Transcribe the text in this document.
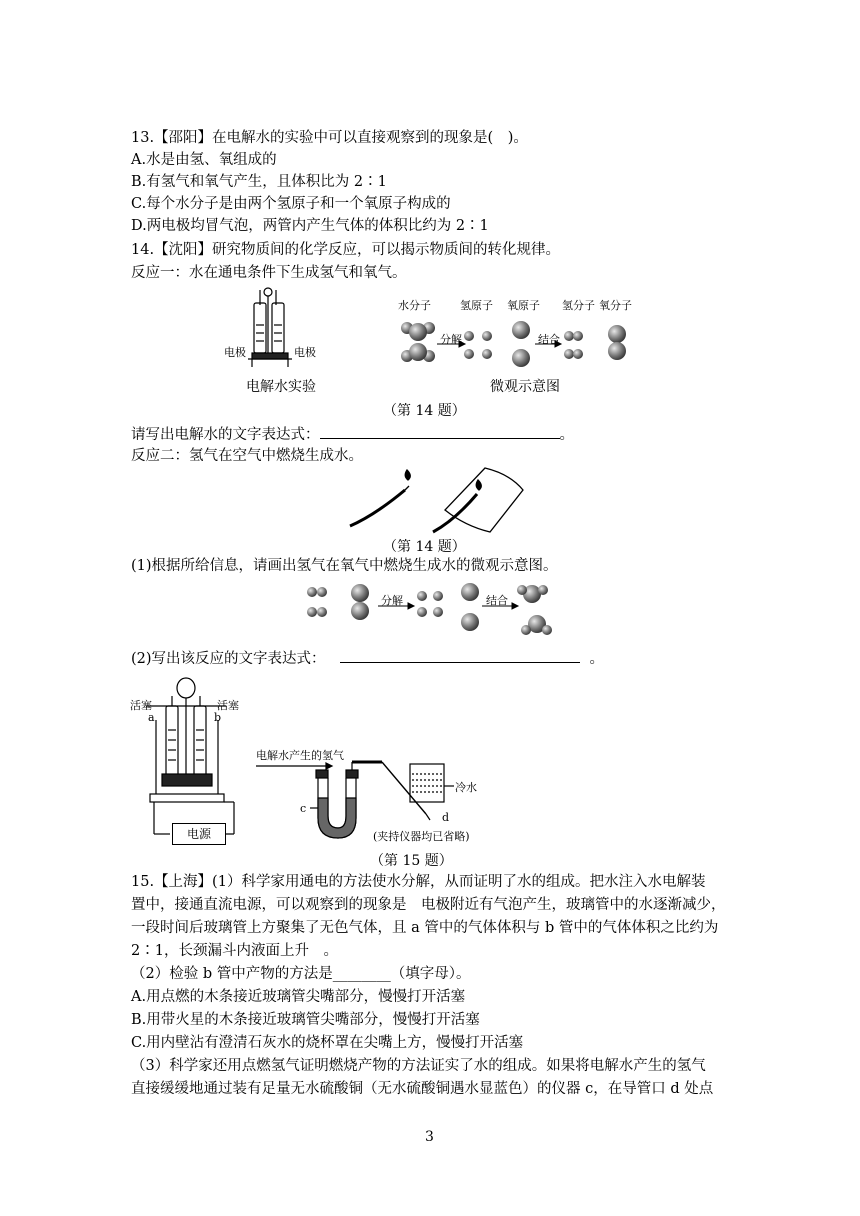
13.【邵阳】在电解水的实验中可以直接观察到的现象是(　)。
A.水是由氢、氧组成的
B.有氢气和氧气产生，且体积比为 2∶1
C.每个水分子是由两个氢原子和一个氧原子构成的
D.两电极均冒气泡，两管内产生气体的体积比约为 2∶1
14.【沈阳】研究物质间的化学反应，可以揭示物质间的转化规律。
反应一：水在通电条件下生成氢气和氧气。
电极	电极
电解水实验
水分子	氢原子 氧原子 氢分子 氧分子
分解	结合
微观示意图
（第 14 题）
请写出电解水的文字表达式：	。
反应二：氢气在空气中燃烧生成水。
（第 14 题）
(1)根据所给信息，请画出氢气在氧气中燃烧生成水的微观示意图。
分解	结合
(2)写出该反应的文字表达式：	。
活塞	活塞
a	b
电源
电解水产生的氢气
c
冷水
d
(夹持仪器均已省略)
（第 15 题）
15.【上海】(1）科学家用通电的方法使水分解，从而证明了水的组成。把水注入水电解装
置中，接通直流电源，可以观察到的现象是　电极附近有气泡产生，玻璃管中的水逐渐减少，
一段时间后玻璃管上方聚集了无色气体，且 a 管中的气体体积与 b 管中的气体体积之比约为
2∶1，长颈漏斗内液面上升　。
（2）检验 b 管中产物的方法是________（填字母）。
A.用点燃的木条接近玻璃管尖嘴部分，慢慢打开活塞
B.用带火星的木条接近玻璃管尖嘴部分，慢慢打开活塞
C.用内壁沾有澄清石灰水的烧杯罩在尖嘴上方，慢慢打开活塞
（3）科学家还用点燃氢气证明燃烧产物的方法证实了水的组成。如果将电解水产生的氢气
直接缓缓地通过装有足量无水硫酸铜（无水硫酸铜遇水显蓝色）的仪器 c，在导管口 d 处点
3
